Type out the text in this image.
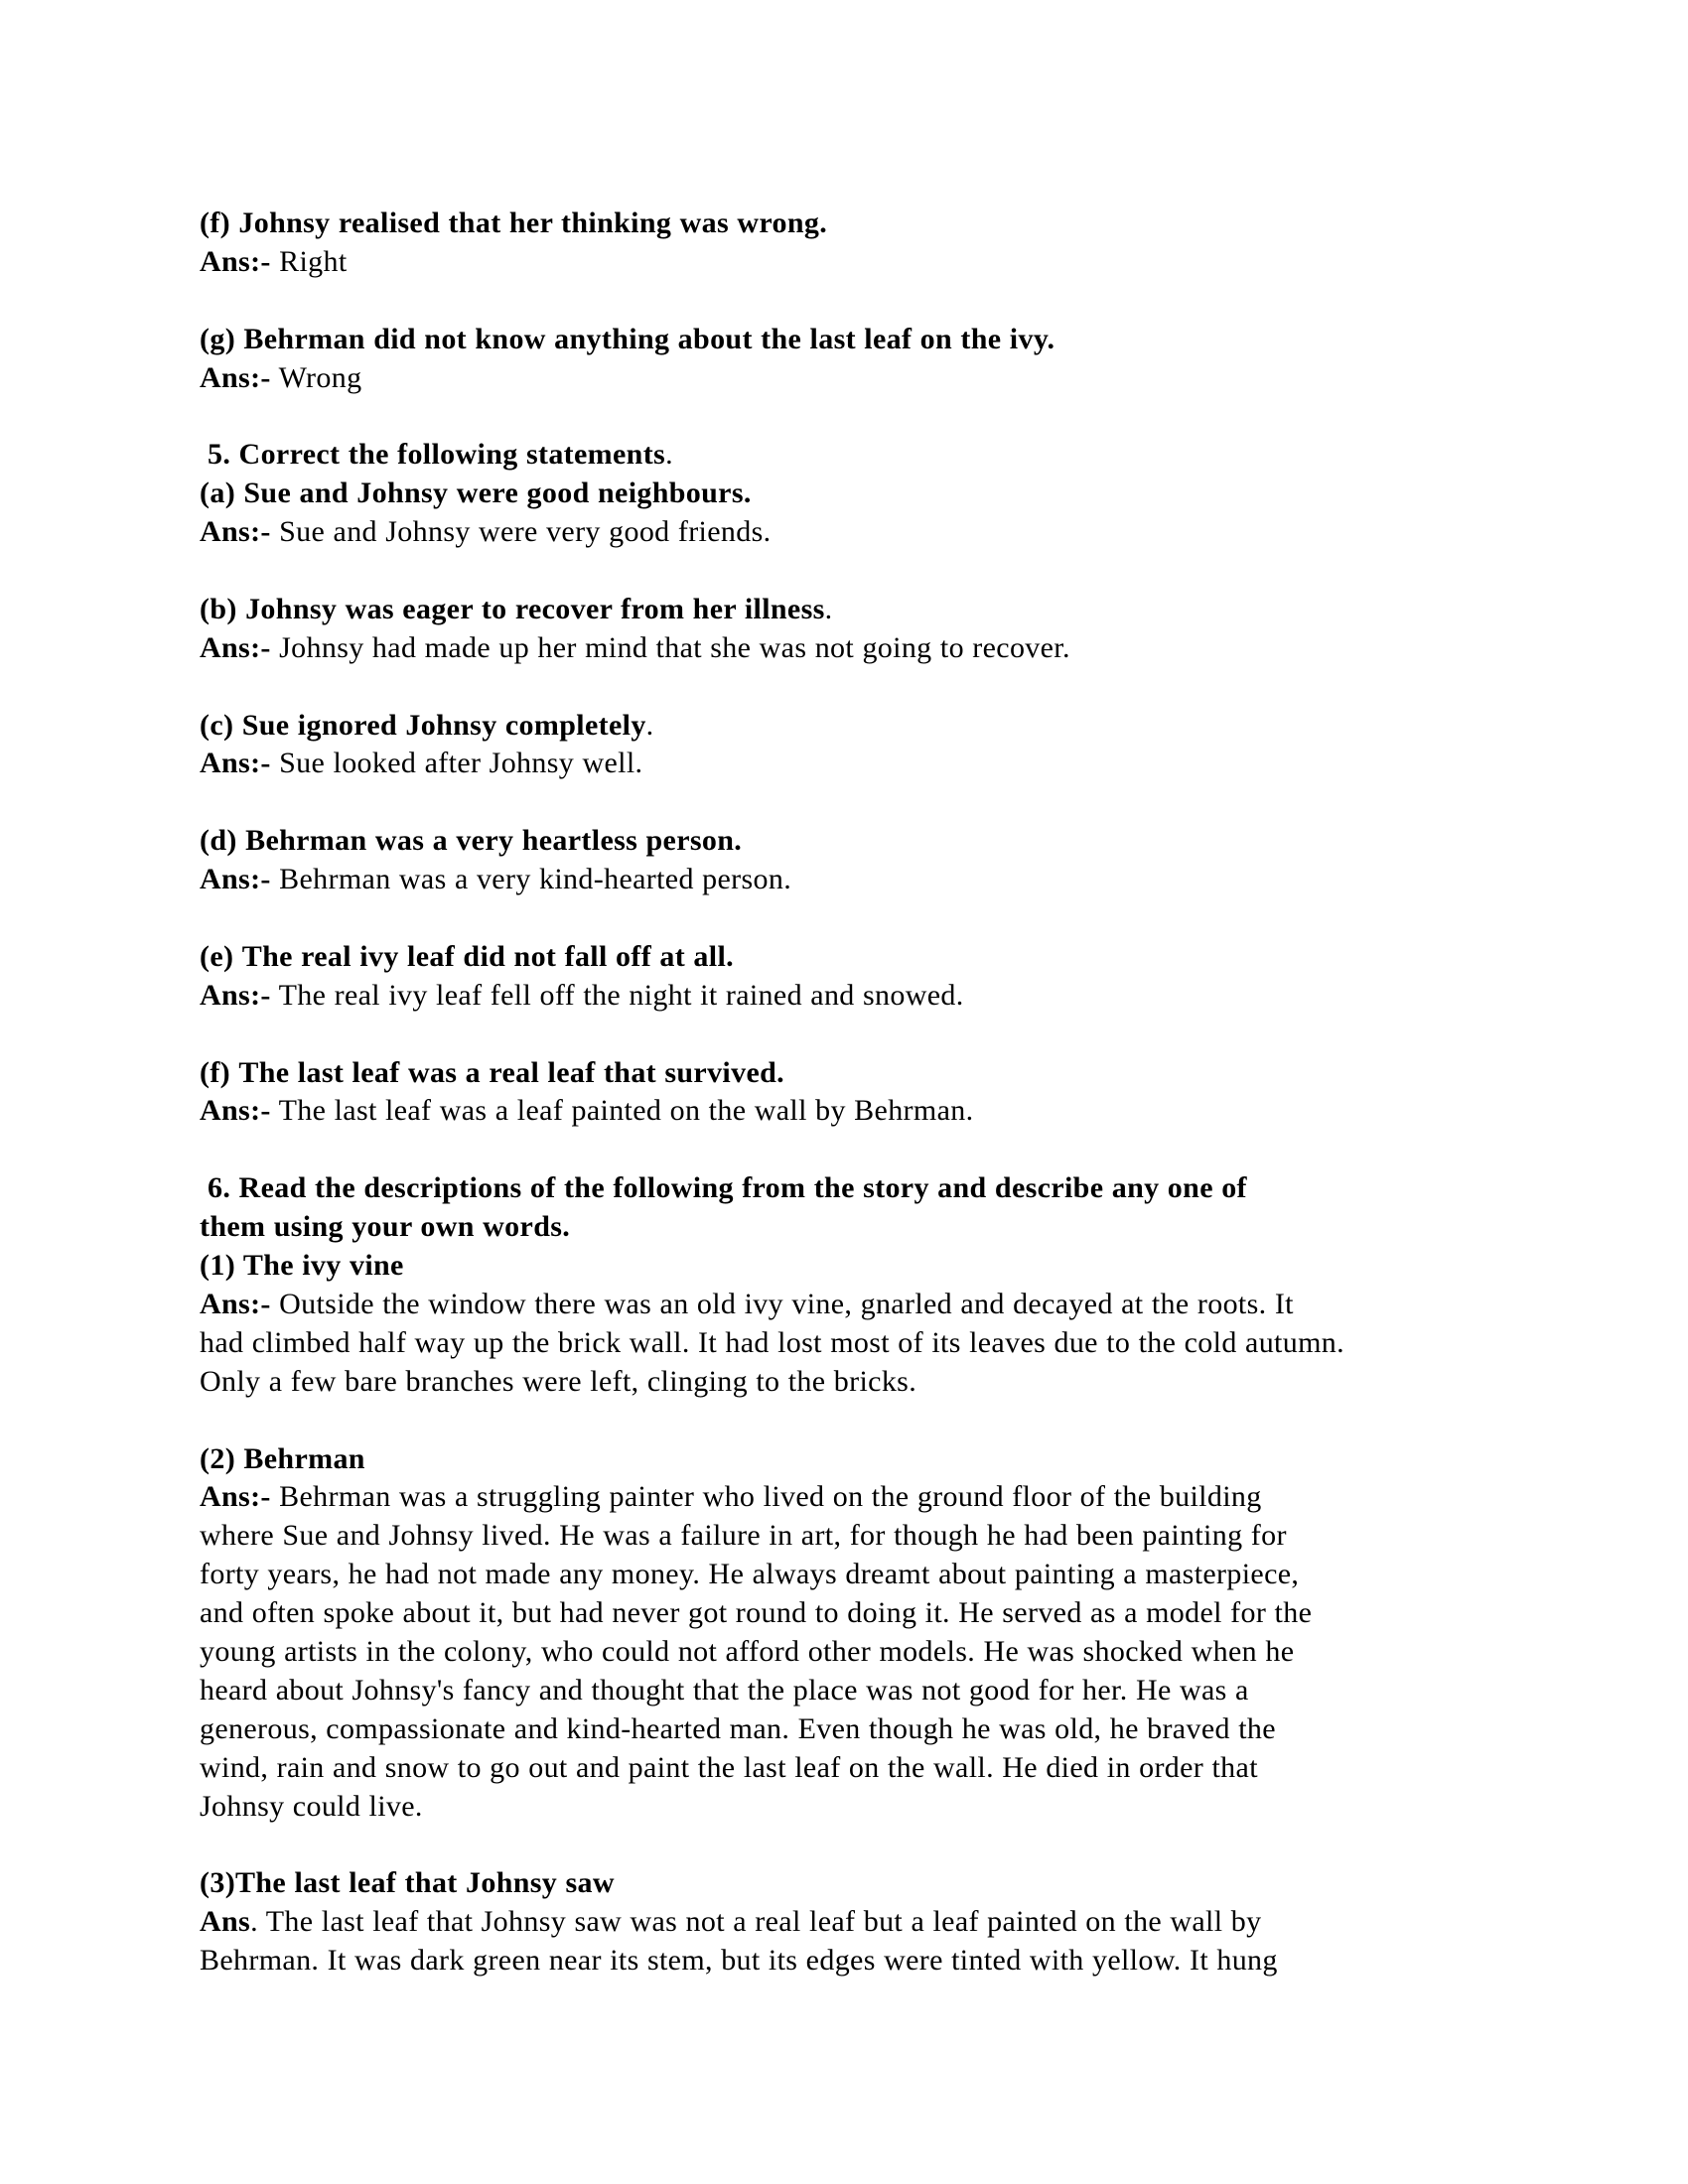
(f) Johnsy realised that her thinking was wrong.
Ans:- Right
(g) Behrman did not know anything about the last leaf on the ivy.
Ans:- Wrong
5. Correct the following statements.
(a) Sue and Johnsy were good neighbours.
Ans:- Sue and Johnsy were very good friends.
(b) Johnsy was eager to recover from her illness.
Ans:- Johnsy had made up her mind that she was not going to recover.
(c) Sue ignored Johnsy completely.
Ans:- Sue looked after Johnsy well.
(d) Behrman was a very heartless person.
Ans:- Behrman was a very kind-hearted person.
(e) The real ivy leaf did not fall off at all.
Ans:- The real ivy leaf fell off the night it rained and snowed.
(f) The last leaf was a real leaf that survived.
Ans:- The last leaf was a leaf painted on the wall by Behrman.
6. Read the descriptions of the following from the story and describe any one of
them using your own words.
(1) The ivy vine
Ans:- Outside the window there was an old ivy vine, gnarled and decayed at the roots. It
had climbed half way up the brick wall. It had lost most of its leaves due to the cold autumn.
Only a few bare branches were left, clinging to the bricks.
(2) Behrman
Ans:- Behrman was a struggling painter who lived on the ground floor of the building
where Sue and Johnsy lived. He was a failure in art, for though he had been painting for
forty years, he had not made any money. He always dreamt about painting a masterpiece,
and often spoke about it, but had never got round to doing it. He served as a model for the
young artists in the colony, who could not afford other models. He was shocked when he
heard about Johnsy's fancy and thought that the place was not good for her. He was a
generous, compassionate and kind-hearted man. Even though he was old, he braved the
wind, rain and snow to go out and paint the last leaf on the wall. He died in order that
Johnsy could live.
(3)The last leaf that Johnsy saw
Ans. The last leaf that Johnsy saw was not a real leaf but a leaf painted on the wall by
Behrman. It was dark green near its stem, but its edges were tinted with yellow. It hung
